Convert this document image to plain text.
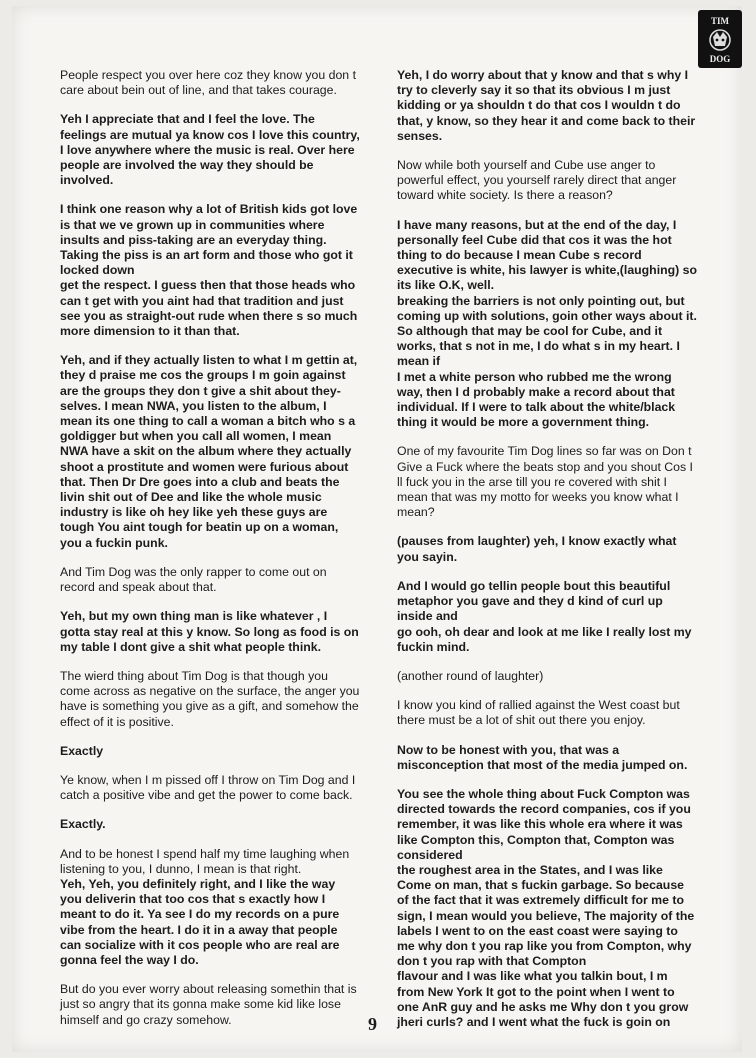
TIM
DOG

People respect you over here coz they know you don t care about bein out of line, and that takes courage.

Yeh I appreciate that and I feel the love. The feelings are mutual ya know cos I love this country, I love anywhere where the music is real. Over here people are involved the way they should be involved.

I think one reason why a lot of British kids got love is that we ve grown up in communities where insults and piss-taking are an everyday thing. Taking the piss is an art form and those who got it locked down
get the respect. I guess then that those heads who can t get with you aint had that tradition and just see you as straight-out rude when there s so much more dimension to it than that.

Yeh, and if they actually listen to what I m gettin at, they d praise me cos the groups I m goin against are the groups they don t give a shit about they-selves. I mean NWA, you listen to the album, I mean its one thing to call a woman a bitch who s a goldigger but when you call all women, I mean NWA have a skit on the album where they actually shoot a prostitute and women were furious about that. Then Dr Dre goes into a club and beats the livin shit out of Dee and like the whole music industry is like oh hey like yeh these guys are tough You aint tough for beatin up on a woman, you a fuckin punk.

And Tim Dog was the only rapper to come out on record and speak about that.

Yeh, but my own thing man is like whatever , I gotta stay real at this y know. So long as food is on my table I dont give a shit what people think.

The wierd thing about Tim Dog is that though you come across as negative on the surface, the anger you have is something you give as a gift, and somehow the effect of it is positive.

Exactly

Ye know, when I m pissed off I throw on Tim Dog and I catch a positive vibe and get the power to come back.

Exactly.

And to be honest I spend half my time laughing when listening to you, I dunno, I mean is that right.

Yeh, Yeh, you definitely right, and I like the way you deliverin that too cos that s exactly how I meant to do it. Ya see I do my records on a pure vibe from the heart. I do it in a away that people can socialize with it cos people who are real are gonna feel the way I do.

But do you ever worry about releasing somethin that is just so angry that its gonna make some kid like lose himself and go crazy somehow.

Yeh, I do worry about that y know and that s why I try to cleverly say it so that its obvious I m just kidding or ya shouldn t do that cos I wouldn t do that, y know, so they hear it and come back to their senses.

Now while both yourself and Cube use anger to powerful effect, you yourself rarely direct that anger toward white society. Is there a reason?

I have many reasons, but at the end of the day, I personally feel Cube did that cos it was the hot thing to do because I mean Cube s record executive is white, his lawyer is white,(laughing) so its like O.K, well.
breaking the barriers is not only pointing out, but coming up with solutions, goin other ways about it. So although that may be cool for Cube, and it works, that s not in me, I do what s in my heart. I mean if
I met a white person who rubbed me the wrong way, then I d probably make a record about that individual. If I were to talk about the white/black thing it would be more a government thing.

One of my favourite Tim Dog lines so far was on Don t Give a Fuck where the beats stop and you shout Cos I ll fuck you in the arse till you re covered with shit I mean that was my motto for weeks you know what I mean?

(pauses from laughter) yeh, I know exactly what you sayin.

And I would go tellin people bout this beautiful metaphor you gave and they d kind of curl up inside and
go ooh, oh dear and look at me like I really lost my fuckin mind.

(another round of laughter)

I know you kind of rallied against the West coast but there must be a lot of shit out there you enjoy.

Now to be honest with you, that was a misconception that most of the media jumped on.

You see the whole thing about Fuck Compton was directed towards the record companies, cos if you remember, it was like this whole era where it was like Compton this, Compton that, Compton was considered
the roughest area in the States, and I was like Come on man, that s fuckin garbage. So because of the fact that it was extremely difficult for me to sign, I mean would you believe, The majority of the labels I went to on the east coast were saying to me why don t you rap like you from Compton, why don t you rap with that Compton
flavour and I was like what you talkin bout, I m from New York It got to the point when I went to one AnR guy and he asks me Why don t you grow jheri curls? and I went what the fuck is goin on

9
